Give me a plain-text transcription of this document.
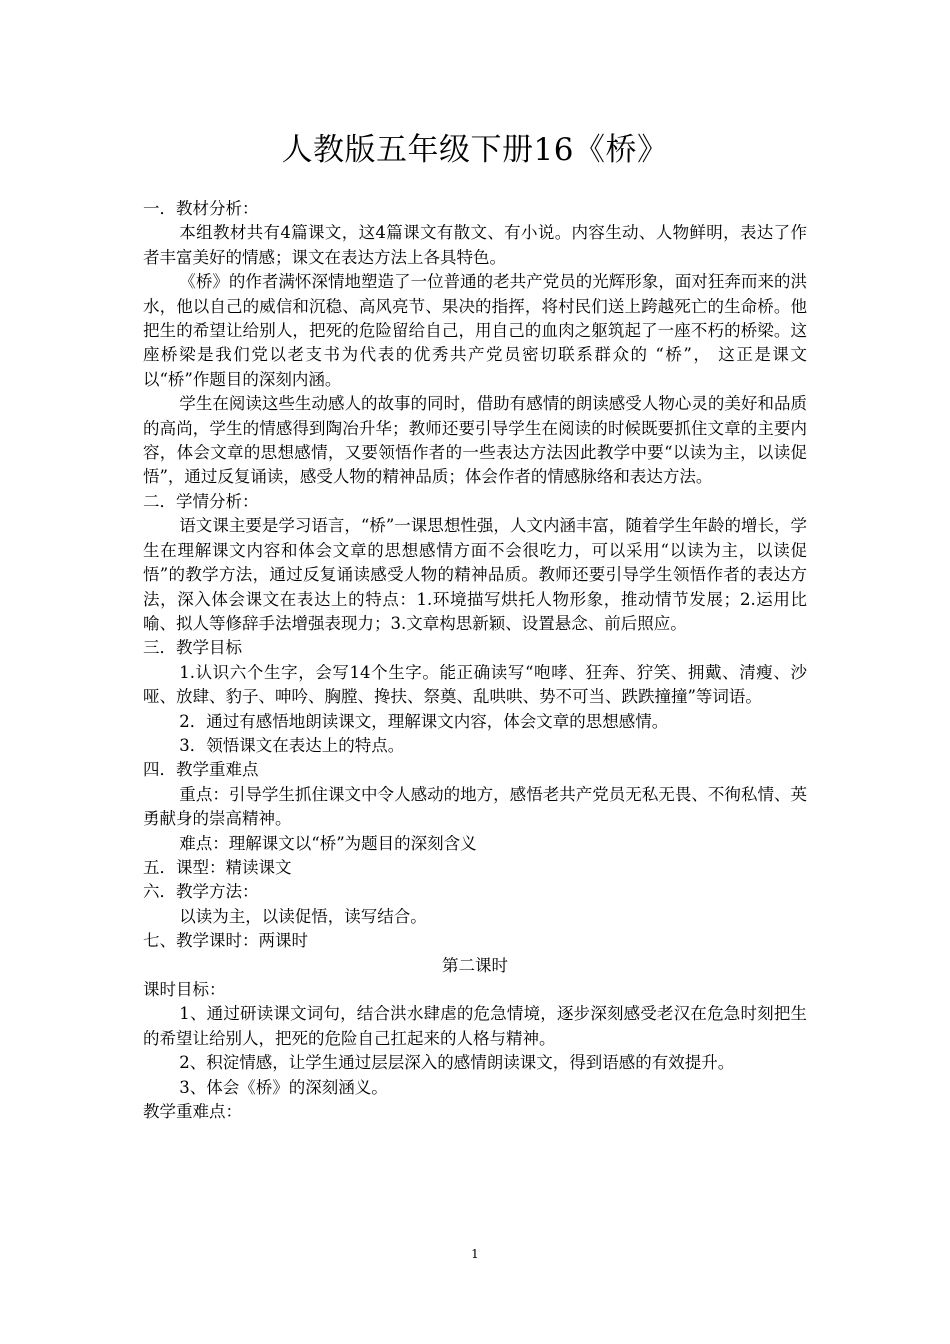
人教版五年级下册16《桥》

一．教材分析：

本组教材共有4篇课文，这4篇课文有散文、有小说。内容生动、人物鲜明，表达了作者丰富美好的情感；课文在表达方法上各具特色。

《桥》的作者满怀深情地塑造了一位普通的老共产党员的光辉形象，面对狂奔而来的洪水，他以自己的威信和沉稳、高风亮节、果决的指挥，将村民们送上跨越死亡的生命桥。他把生的希望让给别人，把死的危险留给自己，用自己的血肉之躯筑起了一座不朽的桥梁。这座桥梁是我们党以老支书为代表的优秀共产党员密切联系群众的 “桥”， 这正是课文以“桥”作题目的深刻内涵。

学生在阅读这些生动感人的故事的同时，借助有感情的朗读感受人物心灵的美好和品质的高尚，学生的情感得到陶冶升华；教师还要引导学生在阅读的时候既要抓住文章的主要内容，体会文章的思想感情，又要领悟作者的一些表达方法因此教学中要“以读为主，以读促悟”，通过反复诵读，感受人物的精神品质；体会作者的情感脉络和表达方法。

二．学情分析：

语文课主要是学习语言，“桥”一课思想性强，人文内涵丰富，随着学生年龄的增长，学生在理解课文内容和体会文章的思想感情方面不会很吃力，可以采用“以读为主，以读促悟”的教学方法，通过反复诵读感受人物的精神品质。教师还要引导学生领悟作者的表达方法，深入体会课文在表达上的特点：1.环境描写烘托人物形象，推动情节发展；2.运用比喻、拟人等修辞手法增强表现力；3.文章构思新颖、设置悬念、前后照应。

三．教学目标

1.认识六个生字，会写14个生字。能正确读写“咆哮、狂奔、狞笑、拥戴、清瘦、沙哑、放肆、豹子、呻吟、胸膛、搀扶、祭奠、乱哄哄、势不可当、跌跌撞撞”等词语。

2．通过有感悟地朗读课文，理解课文内容，体会文章的思想感情。

3．领悟课文在表达上的特点。

四．教学重难点

重点：引导学生抓住课文中令人感动的地方，感悟老共产党员无私无畏、不徇私情、英勇献身的崇高精神。

难点：理解课文以“桥”为题目的深刻含义

五．课型：精读课文

六．教学方法：

以读为主，以读促悟，读写结合。

七、教学课时：两课时

第二课时

课时目标：

1、通过研读课文词句，结合洪水肆虐的危急情境，逐步深刻感受老汉在危急时刻把生的希望让给别人，把死的危险自己扛起来的人格与精神。

2、积淀情感，让学生通过层层深入的感情朗读课文，得到语感的有效提升。

3、体会《桥》的深刻涵义。

教学重难点：

1
